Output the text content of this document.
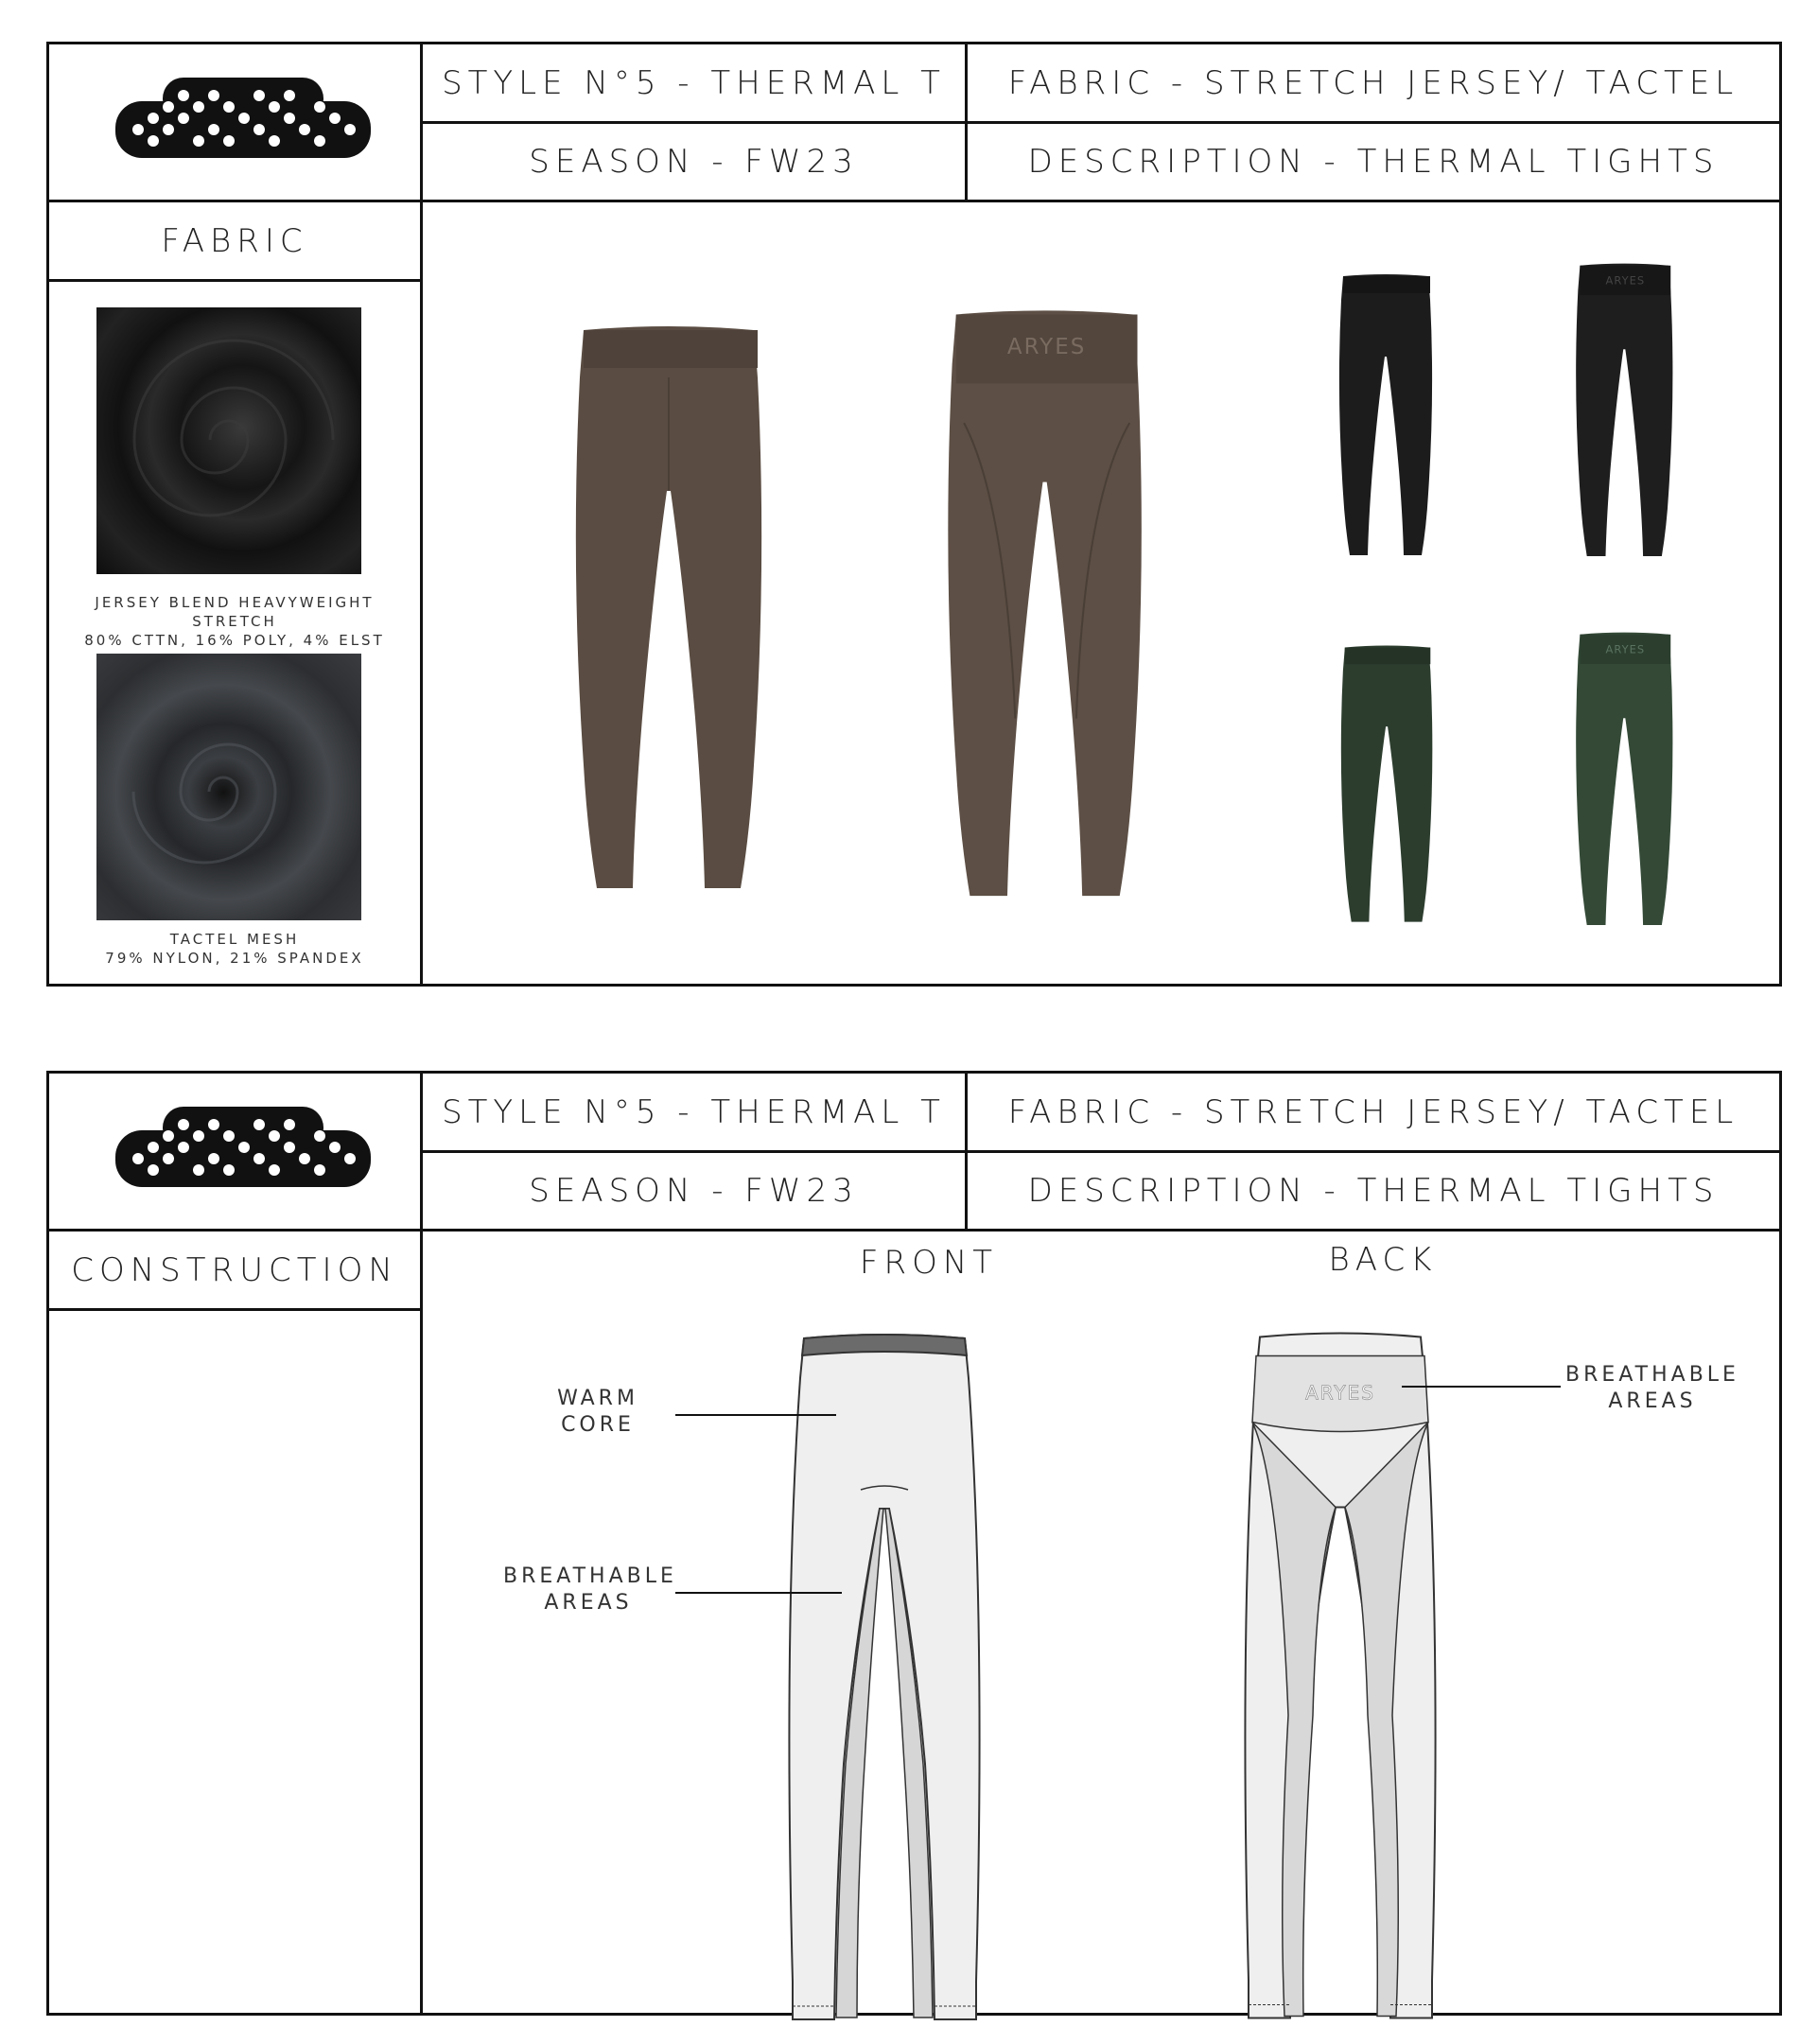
STYLE N°5 - THERMAL T	FABRIC - STRETCH JERSEY/ TACTEL
SEASON - FW23	DESCRIPTION - THERMAL TIGHTS
FABRIC
JERSEY BLEND HEAVYWEIGHT STRETCH
80% CTTN, 16% POLY, 4% ELST
TACTEL MESH
79% NYLON, 21% SPANDEX
ARYES
ARYES
ARYES
STYLE N°5 - THERMAL T	FABRIC - STRETCH JERSEY/ TACTEL
SEASON - FW23	DESCRIPTION - THERMAL TIGHTS
CONSTRUCTION	FRONT	BACK
ARYES
WARM
CORE
BREATHABLE
AREAS
BREATHABLE
AREAS
